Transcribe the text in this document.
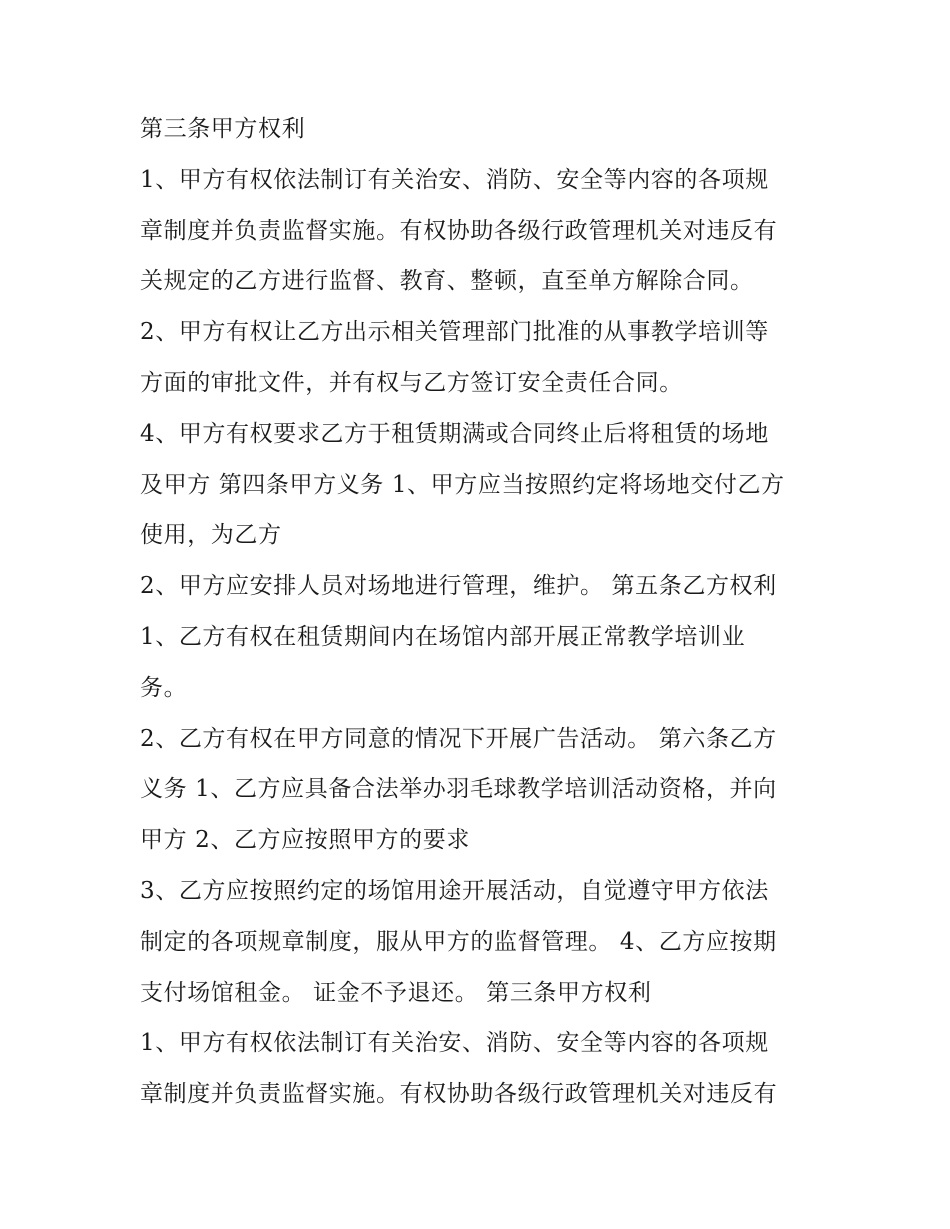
第三条甲方权利
1、甲方有权依法制订有关治安、消防、安全等内容的各项规
章制度并负责监督实施。有权协助各级行政管理机关对违反有
关规定的乙方进行监督、教育、整顿，直至单方解除合同。
2、甲方有权让乙方出示相关管理部门批准的从事教学培训等
方面的审批文件，并有权与乙方签订安全责任合同。
4、甲方有权要求乙方于租赁期满或合同终止后将租赁的场地
及甲方 第四条甲方义务 1、甲方应当按照约定将场地交付乙方
使用，为乙方
2、甲方应安排人员对场地进行管理，维护。 第五条乙方权利
1、乙方有权在租赁期间内在场馆内部开展正常教学培训业
务。
2、乙方有权在甲方同意的情况下开展广告活动。 第六条乙方
义务 1、乙方应具备合法举办羽毛球教学培训活动资格，并向
甲方 2、乙方应按照甲方的要求
3、乙方应按照约定的场馆用途开展活动，自觉遵守甲方依法
制定的各项规章制度，服从甲方的监督管理。 4、乙方应按期
支付场馆租金。 证金不予退还。 第三条甲方权利
1、甲方有权依法制订有关治安、消防、安全等内容的各项规
章制度并负责监督实施。有权协助各级行政管理机关对违反有
